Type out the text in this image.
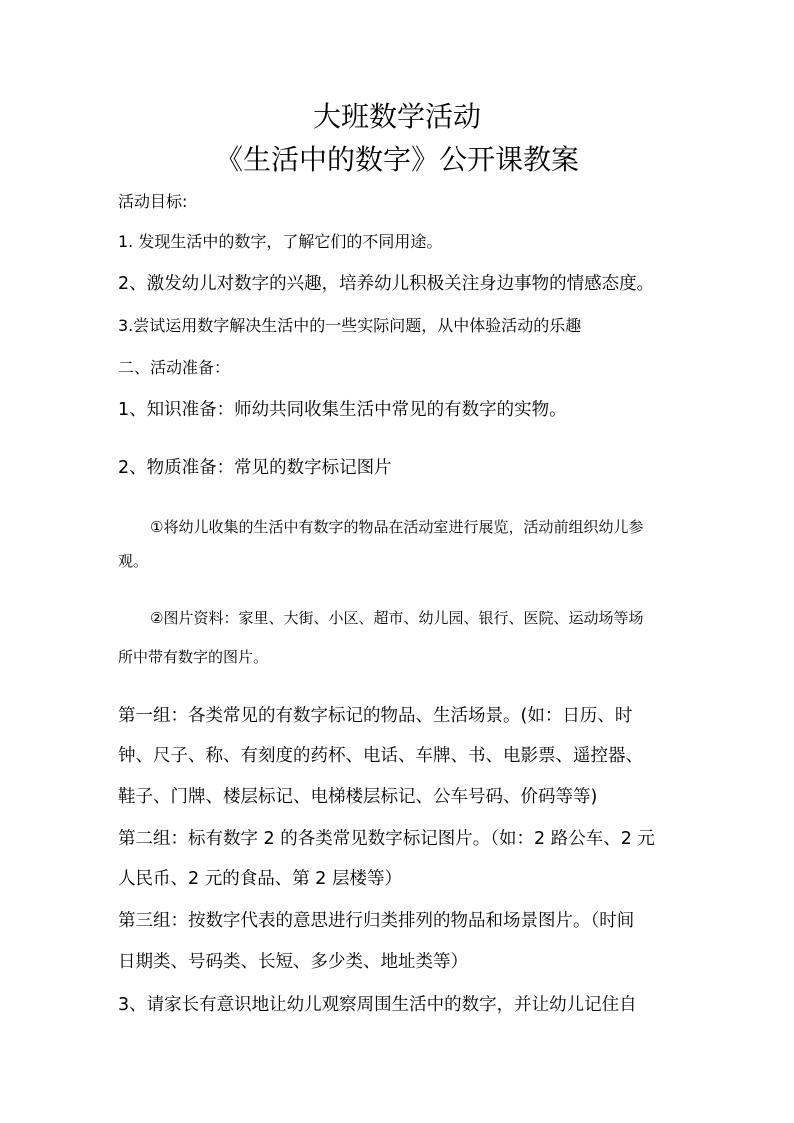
大班数学活动
《生活中的数字》公开课教案
活动目标:
1. 发现生活中的数字，了解它们的不同用途。
2、激发幼儿对数字的兴趣，培养幼儿积极关注身边事物的情感态度。
3.尝试运用数字解决生活中的一些实际问题，从中体验活动的乐趣
二、活动准备：
1、知识准备：师幼共同收集生活中常见的有数字的实物。
2、物质准备：常见的数字标记图片
①将幼儿收集的生活中有数字的物品在活动室进行展览，活动前组织幼儿参
观。
②图片资料：家里、大街、小区、超市、幼儿园、银行、医院、运动场等场
所中带有数字的图片。
第一组：各类常见的有数字标记的物品、生活场景。(如：日历、时
钟、尺子、称、有刻度的药杯、电话、车牌、书、电影票、遥控器、
鞋子、门牌、楼层标记、电梯楼层标记、公车号码、价码等等)
第二组：标有数字 2 的各类常见数字标记图片。（如：2 路公车、2 元
人民币、2 元的食品、第 2 层楼等）
第三组：按数字代表的意思进行归类排列的物品和场景图片。（时间
日期类、号码类、长短、多少类、地址类等）
3、请家长有意识地让幼儿观察周围生活中的数字，并让幼儿记住自
